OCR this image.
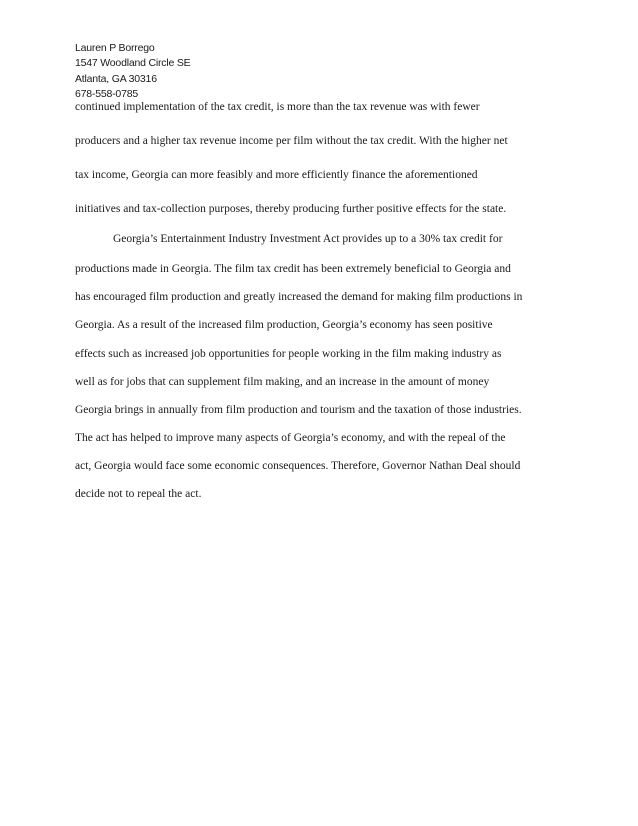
Lauren P Borrego
1547 Woodland Circle SE
Atlanta, GA 30316
678-558-0785
continued implementation of the tax credit, is more than the tax revenue was with fewer
producers and a higher tax revenue income per film without the tax credit. With the higher net
tax income, Georgia can more feasibly and more efficiently finance the aforementioned
initiatives and tax-collection purposes, thereby producing further positive effects for the state.
Georgia’s Entertainment Industry Investment Act provides up to a 30% tax credit for
productions made in Georgia. The film tax credit has been extremely beneficial to Georgia and
has encouraged film production and greatly increased the demand for making film productions in
Georgia. As a result of the increased film production, Georgia’s economy has seen positive
effects such as increased job opportunities for people working in the film making industry as
well as for jobs that can supplement film making, and an increase in the amount of money
Georgia brings in annually from film production and tourism and the taxation of those industries.
The act has helped to improve many aspects of Georgia’s economy, and with the repeal of the
act, Georgia would face some economic consequences. Therefore, Governor Nathan Deal should
decide not to repeal the act.
